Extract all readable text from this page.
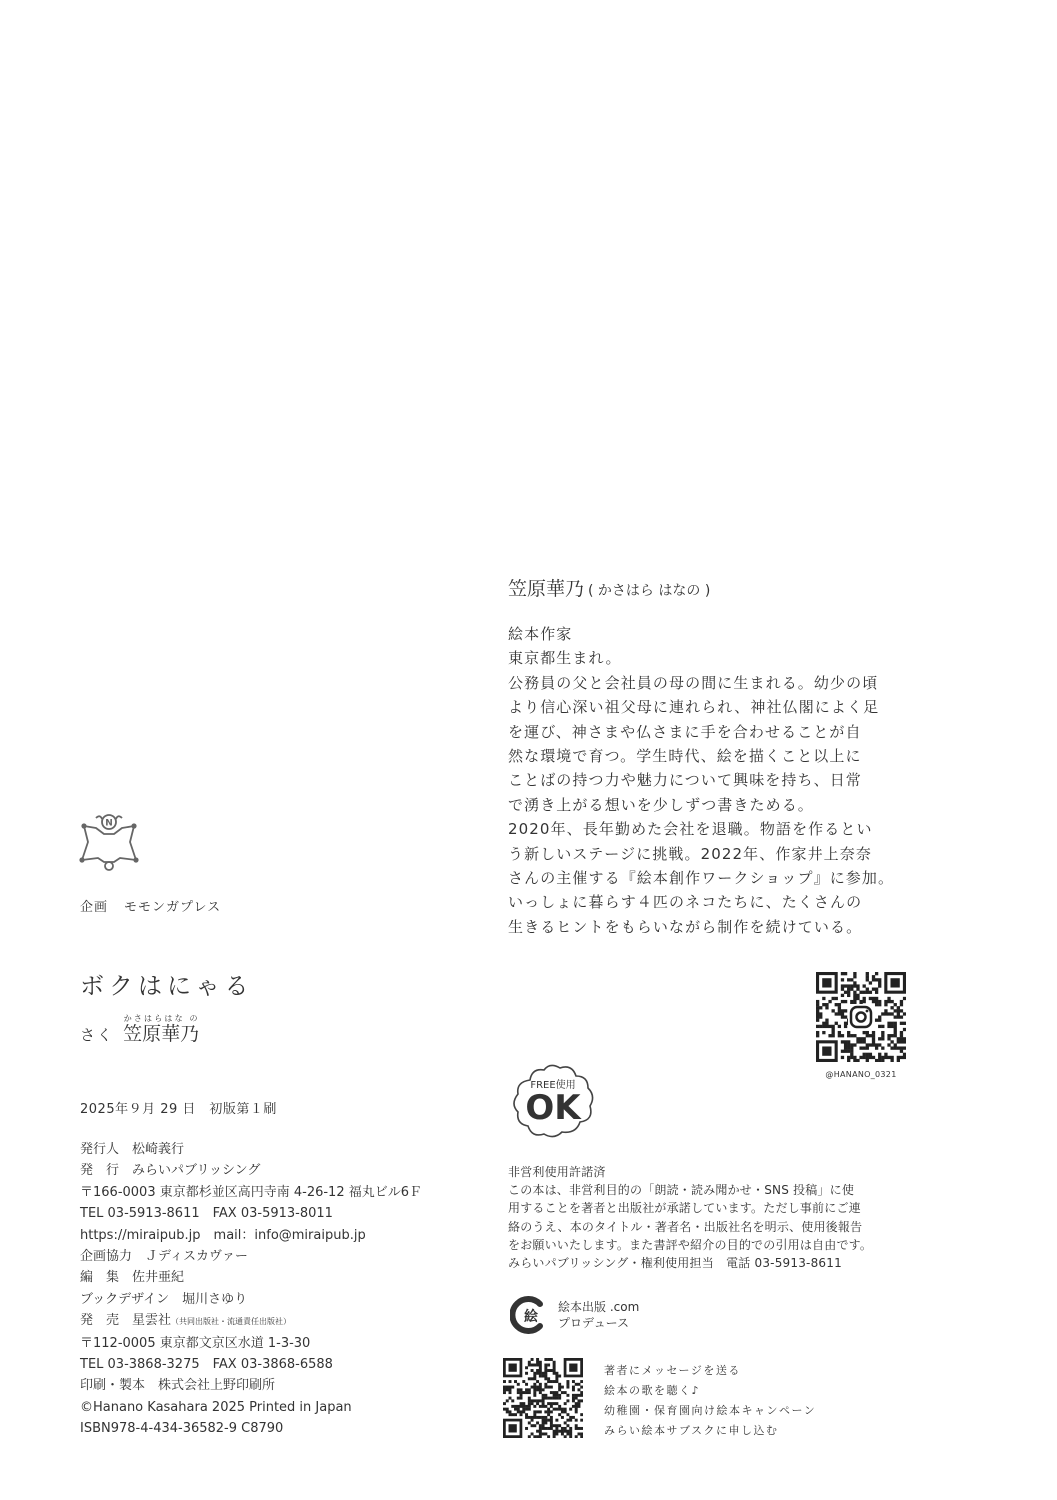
笠原華乃 ( かさはら はなの )
絵本作家
東京都生まれ。
公務員の父と会社員の母の間に生まれる。幼少の頃
より信心深い祖父母に連れられ、神社仏閣によく足
を運び、神さまや仏さまに手を合わせることが自
然な環境で育つ。学生時代、絵を描くこと以上に
ことばの持つ力や魅力について興味を持ち、日常
で湧き上がる想いを少しずつ書きためる。
2020年、長年勤めた会社を退職。物語を作るとい
う新しいステージに挑戦。2022年、作家井上奈奈
さんの主催する『絵本創作ワークショップ』に参加。
いっしょに暮らす４匹のネコたちに、たくさんの
生きるヒントをもらいながら制作を続けている。
N
企画 モモンガプレス
ボクはにゃる
さく 笠原華乃かさはらはな の
2025年９月 29 日　初版第１刷
発行人　松崎義行
発　行　みらいパブリッシング
〒166-0003 東京都杉並区高円寺南 4-26-12 福丸ビル6Ｆ
TEL 03-5913-8611　FAX 03-5913-8011
https://miraipub.jp　mail：info@miraipub.jp
企画協力　Ｊディスカヴァー
編　集　佐井亜紀
ブックデザイン　堀川さゆり
発　売　星雲社（共同出版社・流通責任出版社）
〒112-0005 東京都文京区水道 1-3-30
TEL 03-3868-3275　FAX 03-3868-6588
印刷・製本　株式会社上野印刷所
©Hanano Kasahara 2025 Printed in Japan
ISBN978-4-434-36582-9 C8790
@HANANO_0321
FREE使用
OK
非営利使用許諾済
この本は、非営利目的の「朗読・読み聞かせ・SNS 投稿」に使
用することを著者と出版社が承諾しています。ただし事前にご連
絡のうえ、本のタイトル・著者名・出版社名を明示、使用後報告
をお願いいたします。また書評や紹介の目的での引用は自由です。
みらいパブリッシング・権利使用担当　電話 03-5913-8611
絵
絵本出版 .com
プロデュース
著者にメッセージを送る
絵本の歌を聴く♪
幼稚園・保育園向け絵本キャンペーン
みらい絵本サブスクに申し込む
